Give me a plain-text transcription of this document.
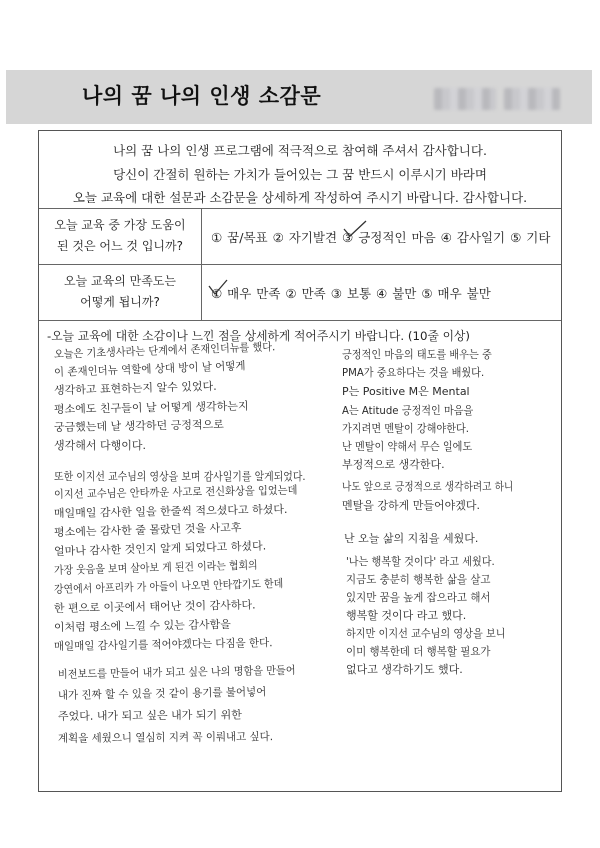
나의 꿈 나의 인생 소감문
나의 꿈 나의 인생 프로그램에 적극적으로 참여해 주셔서 감사합니다.
당신이 간절히 원하는 가치가 들어있는 그 꿈 반드시 이루시기 바라며
오늘 교육에 대한 설문과 소감문을 상세하게 작성하여 주시기 바랍니다. 감사합니다.
오늘 교육 중 가장 도움이
된 것은 어느 것 입니까?
① 꿈/목표 ② 자기발견 ③ 긍정적인 마음 ④ 감사일기 ⑤ 기타
오늘 교육의 만족도는
어떻게 됩니까?
① 매우 만족 ② 만족 ③ 보통 ④ 불만 ⑤ 매우 불만
-오늘 교육에 대한 소감이나 느낀 점을 상세하게 적어주시기 바랍니다. (10줄 이상)
오늘은 기초생사라는 단계에서 존재인더뉴를 했다.
이 존재인더뉴 역할에 상대 방이 날 어떻게
생각하고 표현하는지 알수 있었다.
평소에도 친구들이 날 어떻게 생각하는지
궁금했는데 날 생각하던 긍정적으로
생각해서 다행이다.
또한 이지선 교수님의 영상을 보며 감사일기를 알게되었다.
이지선 교수님은 안타까운 사고로 전신화상을 입었는데
매일매일 감사한 일을 한줄씩 적으셨다고 하셨다.
평소에는 감사한 줄 몰랐던 것을 사고후
얼마나 감사한 것인지 알게 되었다고 하셨다.
가장 웃음을 보며 살아보 게 된건 이라는 협회의
강연에서 아프리카 가 아들이 나오면 안타깝기도 한데
한 편으로 이곳에서 태어난 것이 감사하다.
이처럼 평소에 느낄 수 있는 감사함을
매일매일 감사일기를 적어야겠다는 다짐을 한다.
비전보드를 만들어 내가 되고 싶은 나의 명함을 만들어
내가 진짜 할 수 있을 것 같이 용기를 불어넣어
주었다. 내가 되고 싶은 내가 되기 위한
계획을 세웠으니 열심히 지켜 꼭 이뤄내고 싶다.
긍정적인 마음의 태도를 배우는 중
PMA가 중요하다는 것을 배웠다.
P는 Positive M은 Mental
A는 Atitude 긍정적인 마음을
가지려면 멘탈이 강해야한다.
난 멘탈이 약해서 무슨 일에도
부정적으로 생각한다.
나도 앞으로 긍정적으로 생각하려고 하니
멘탈을 강하게 만들어야겠다.
난 오늘 삶의 지침을 세웠다.
'나는 행복할 것이다' 라고 세웠다.
지금도 충분히 행복한 삶을 살고
있지만 꿈을 높게 잡으라고 해서
행복할 것이다 라고 했다.
하지만 이지선 교수님의 영상을 보니
이미 행복한데 더 행복할 필요가
없다고 생각하기도 했다.
